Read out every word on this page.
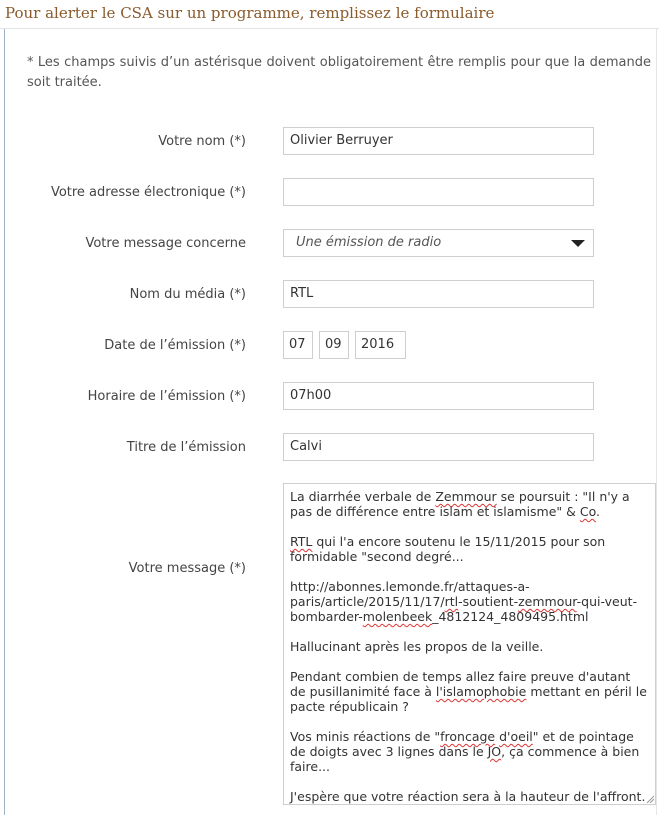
Pour alerter le CSA sur un programme, remplissez le formulaire
* Les champs suivis d’un astérisque doivent obligatoirement être remplis pour que la demande soit traitée.
Votre nom (*)	Olivier Berruyer
Votre adresse électronique (*)
Votre message concerne	Une émission de radio
Nom du média (*)	RTL
Date de l’émission (*)	07	09	2016
Horaire de l’émission (*)	07h00
Titre de l’émission	Calvi
Votre message (*)

La diarrhée verbale de Zemmour se poursuit : "Il n'y a pas de différence entre islam et islamisme" & Co.

RTL qui l'a encore soutenu le 15/11/2015 pour son formidable "second degré...

http://abonnes.lemonde.fr/attaques-a-paris/article/2015/11/17/rtl-soutient-zemmour-qui-veut-bombarder-molenbeek_4812124_4809495.html

Hallucinant après les propos de la veille.

Pendant combien de temps allez faire preuve d'autant de pusillanimité face à l'islamophobie mettant en péril le pacte républicain ?

Vos minis réactions de "froncage d'oeil" et de pointage de doigts avec 3 lignes dans le JO, ça commence à bien faire...

J'espère que votre réaction sera à la hauteur de l'affront.
